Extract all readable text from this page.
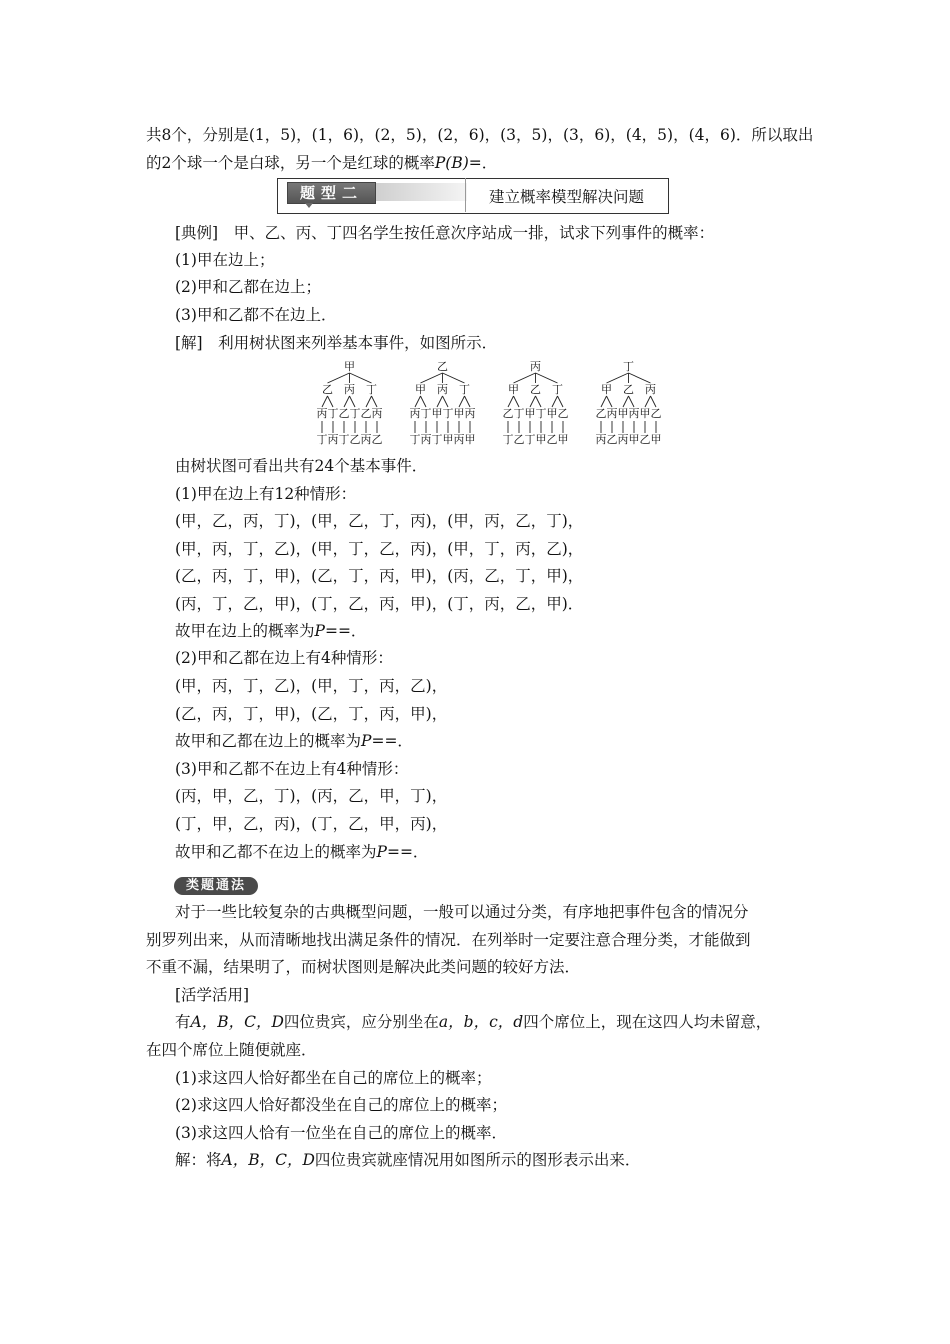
共8个，分别是(1，5)，(1，6)，(2，5)，(2，6)，(3，5)，(3，6)，(4，5)，(4，6)．所以取出
的2个球一个是白球，另一个是红球的概率P(B)=．
题型二	建立概率模型解决问题
[典例]　甲、乙、丙、丁四名学生按任意次序站成一排，试求下列事件的概率：
(1)甲在边上；
(2)甲和乙都在边上；
(3)甲和乙都不在边上．
[解]　利用树状图来列举基本事件，如图所示．
甲
乙 丙 丁
丙
丁
丁
丙
乙
丁
丁
乙
乙
丙
丙
乙
乙
甲 丙 丁
丙
丁
丁
丙
甲
丁
丁
甲
甲
丙
丙
甲
丙
甲 乙 丁
乙
丁
丁
乙
甲
丁
丁
甲
甲
乙
乙
甲
丁
甲 乙 丙
乙
丙
丙
乙
甲
丙
丙
甲
甲
乙
乙
甲
由树状图可看出共有24个基本事件．
(1)甲在边上有12种情形：
(甲，乙，丙，丁)，(甲，乙，丁，丙)，(甲，丙，乙，丁)，
(甲，丙，丁，乙)，(甲，丁，乙，丙)，(甲，丁，丙，乙)，
(乙，丙，丁，甲)，(乙，丁，丙，甲)，(丙，乙，丁，甲)，
(丙，丁，乙，甲)，(丁，乙，丙，甲)，(丁，丙，乙，甲)．
故甲在边上的概率为P==．
(2)甲和乙都在边上有4种情形：
(甲，丙，丁，乙)，(甲，丁，丙，乙)，
(乙，丙，丁，甲)，(乙，丁，丙，甲)，
故甲和乙都在边上的概率为P==．
(3)甲和乙都不在边上有4种情形：
(丙，甲，乙，丁)，(丙，乙，甲，丁)，
(丁，甲，乙，丙)，(丁，乙，甲，丙)，
故甲和乙都不在边上的概率为P==．
类题通法
对于一些比较复杂的古典概型问题，一般可以通过分类，有序地把事件包含的情况分
别罗列出来，从而清晰地找出满足条件的情况．在列举时一定要注意合理分类，才能做到
不重不漏，结果明了，而树状图则是解决此类问题的较好方法．
[活学活用]
有A，B，C，D四位贵宾，应分别坐在a，b，c，d四个席位上，现在这四人均未留意，
在四个席位上随便就座．
(1)求这四人恰好都坐在自己的席位上的概率；
(2)求这四人恰好都没坐在自己的席位上的概率；
(3)求这四人恰有一位坐在自己的席位上的概率．
解：将A，B，C，D四位贵宾就座情况用如图所示的图形表示出来．
